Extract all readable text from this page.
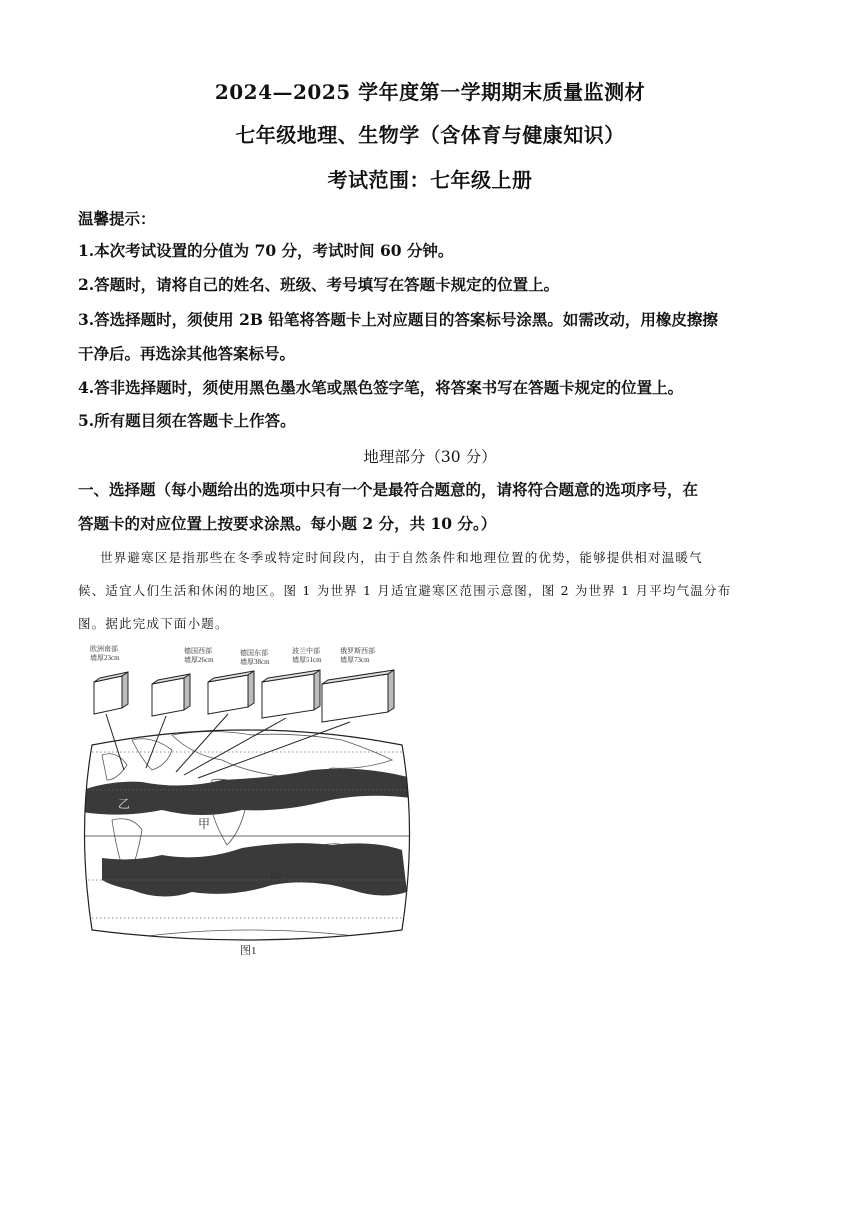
2024—2025 学年度第一学期期末质量监测材
七年级地理、生物学（含体育与健康知识）
考试范围：七年级上册
温馨提示：
1.本次考试设置的分值为 70 分，考试时间 60 分钟。
2.答题时，请将自己的姓名、班级、考号填写在答题卡规定的位置上。
3.答选择题时，须使用 2B 铅笔将答题卡上对应题目的答案标号涂黑。如需改动，用橡皮擦擦
干净后。再选涂其他答案标号。
4.答非选择题时，须使用黑色墨水笔或黑色签字笔，将答案书写在答题卡规定的位置上。
5.所有题目须在答题卡上作答。
地理部分（30 分）
一、选择题（每小题给出的选项中只有一个是最符合题意的，请将符合题意的选项序号，在
答题卡的对应位置上按要求涂黑。每小题 2 分，共 10 分。）
世界避寒区是指那些在冬季或特定时间段内，由于自然条件和地理位置的优势，能够提供相对温暖气
候、适宜人们生活和休闲的地区。图 1 为世界 1 月适宜避寒区范围示意图，图 2 为世界 1 月平均气温分布
图。据此完成下面小题。
欧洲南部
墙厚23cm
德国西部
墙厚26cm
德国东部
墙厚38cm
波兰中部
墙厚51cm
俄罗斯西部
墙厚73cm
乙
甲
丙
图1
